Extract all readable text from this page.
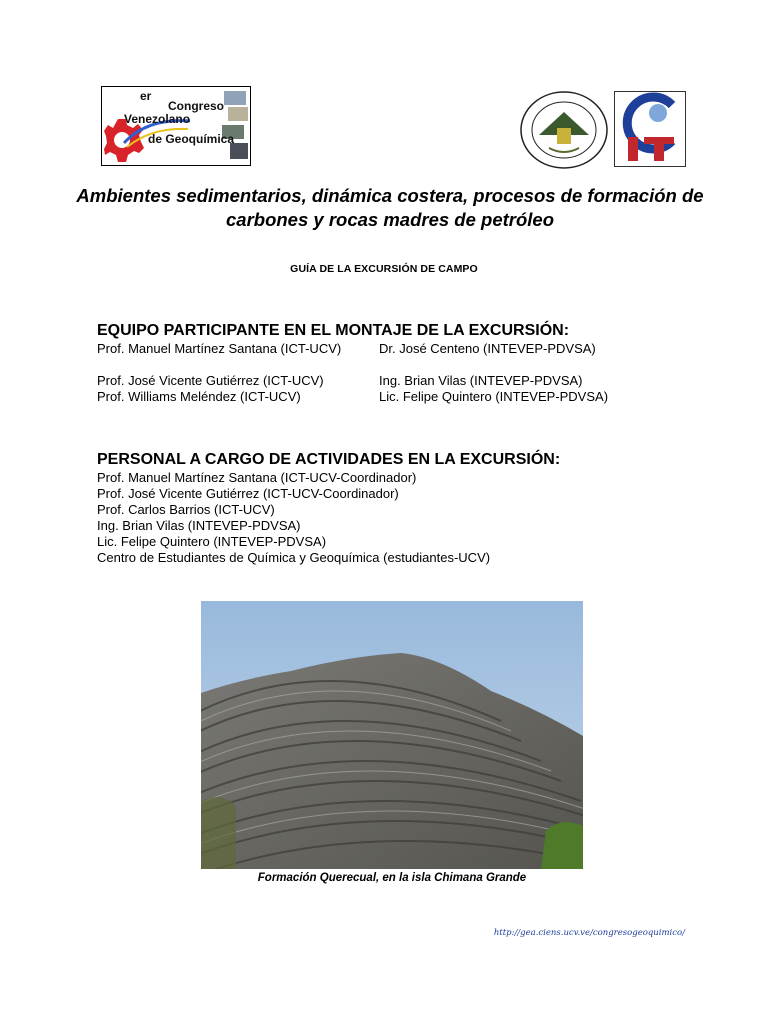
er
Congreso
Venezolano
de Geoquímica
Ambientes sedimentarios, dinámica costera, procesos de formación de carbones y rocas madres de petróleo
GUÍA DE LA EXCURSIÓN DE CAMPO
EQUIPO PARTICIPANTE EN EL MONTAJE DE LA EXCURSIÓN:
Prof. Manuel Martínez Santana (ICT-UCV)
Prof. José Vicente Gutiérrez (ICT-UCV)
Prof. Williams Meléndez (ICT-UCV)
Dr. José Centeno (INTEVEP-PDVSA)
Ing. Brian Vilas (INTEVEP-PDVSA)
Lic. Felipe Quintero (INTEVEP-PDVSA)
PERSONAL A CARGO DE ACTIVIDADES EN LA EXCURSIÓN:
Prof. Manuel Martínez Santana (ICT-UCV-Coordinador)
Prof. José Vicente Gutiérrez (ICT-UCV-Coordinador)
Prof. Carlos Barrios (ICT-UCV)
Ing. Brian Vilas (INTEVEP-PDVSA)
Lic. Felipe Quintero (INTEVEP-PDVSA)
Centro de Estudiantes de Química y Geoquímica (estudiantes-UCV)
Formación Querecual, en la isla Chimana Grande
http://gea.ciens.ucv.ve/congresogeoquimico/
